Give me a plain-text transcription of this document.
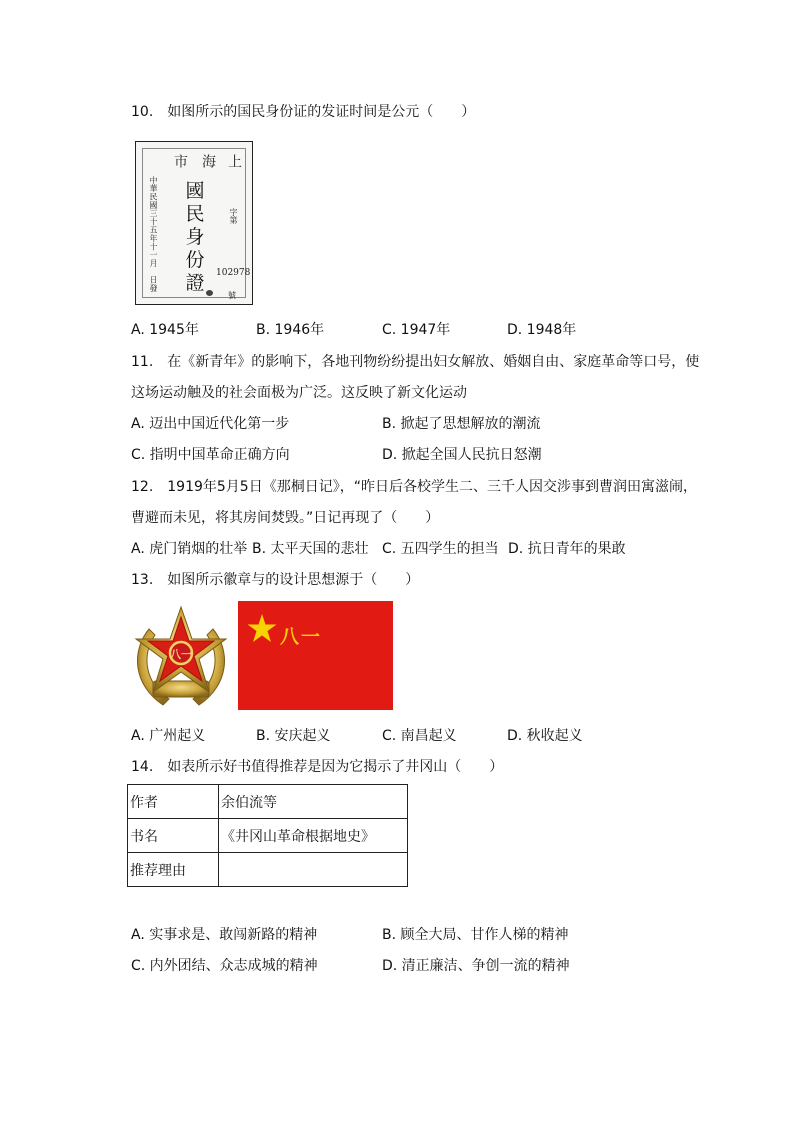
10.　如图所示的国民身份证的发证时间是公元（　　）
上
海
市
國
民
身
份
證
中華民國三十五年十一月　日發	字第
102978
號
A. 1945年	B. 1946年	C. 1947年	D. 1948年
11.　在《新青年》的影响下，各地刊物纷纷提出妇女解放、婚姻自由、家庭革命等口号，使
这场运动触及的社会面极为广泛。这反映了新文化运动
A. 迈出中国近代化第一步	B. 掀起了思想解放的潮流
C. 指明中国革命正确方向	D. 掀起全国人民抗日怒潮
12.　1919年5月5日《那桐日记》，“昨日后各校学生二、三千人因交涉事到曹润田寓滋闹，
曹避而未见，将其房间焚毁。”日记再现了（　　）
A. 虎门销烟的壮举 B. 太平天国的悲壮 C. 五四学生的担当 D. 抗日青年的果敢
13.　如图所示徽章与的设计思想源于（　　）
八一
八一
A. 广州起义	B. 安庆起义	C. 南昌起义	D. 秋收起义
14.　如表所示好书值得推荐是因为它揭示了井冈山（　　）
作者	余伯流等
书名	《井冈山革命根据地史》
推荐理由	
A. 实事求是、敢闯新路的精神	B. 顾全大局、甘作人梯的精神
C. 内外团结、众志成城的精神	D. 清正廉洁、争创一流的精神
